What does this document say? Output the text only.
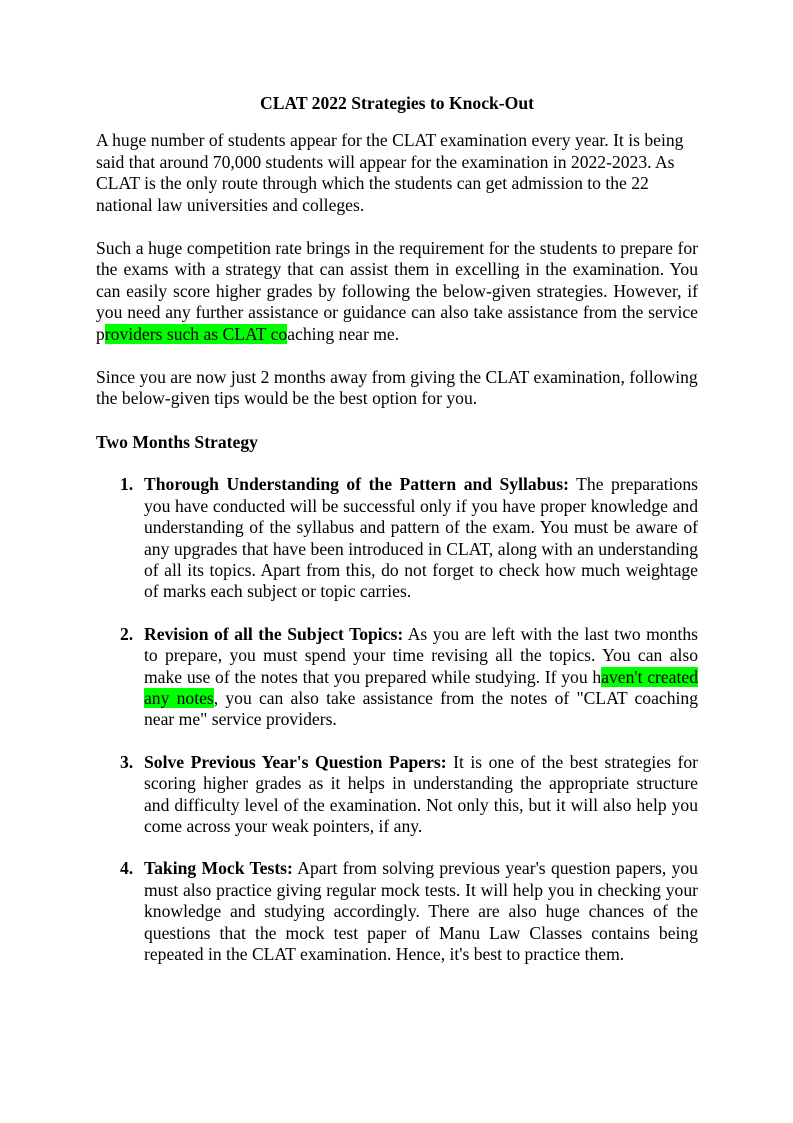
CLAT 2022 Strategies to Knock-Out

A huge number of students appear for the CLAT examination every year. It is being said that around 70,000 students will appear for the examination in 2022-2023. As CLAT is the only route through which the students can get admission to the 22 national law universities and colleges.

Such a huge competition rate brings in the requirement for the students to prepare for the exams with a strategy that can assist them in excelling in the examination. You can easily score higher grades by following the below-given strategies. However, if you need any further assistance or guidance can also take assistance from the service providers such as CLAT coaching near me.

Since you are now just 2 months away from giving the CLAT examination, following the below-given tips would be the best option for you.

Two Months Strategy
1. Thorough Understanding of the Pattern and Syllabus: The preparations you have conducted will be successful only if you have proper knowledge and understanding of the syllabus and pattern of the exam. You must be aware of any upgrades that have been introduced in CLAT, along with an understanding of all its topics. Apart from this, do not forget to check how much weightage of marks each subject or topic carries.
2. Revision of all the Subject Topics: As you are left with the last two months to prepare, you must spend your time revising all the topics. You can also make use of the notes that you prepared while studying. If you haven't created any notes, you can also take assistance from the notes of "CLAT coaching near me" service providers.
3. Solve Previous Year's Question Papers: It is one of the best strategies for scoring higher grades as it helps in understanding the appropriate structure and difficulty level of the examination. Not only this, but it will also help you come across your weak pointers, if any.
4. Taking Mock Tests: Apart from solving previous year's question papers, you must also practice giving regular mock tests. It will help you in checking your knowledge and studying accordingly. There are also huge chances of the questions that the mock test paper of Manu Law Classes contains being repeated in the CLAT examination. Hence, it's best to practice them.
